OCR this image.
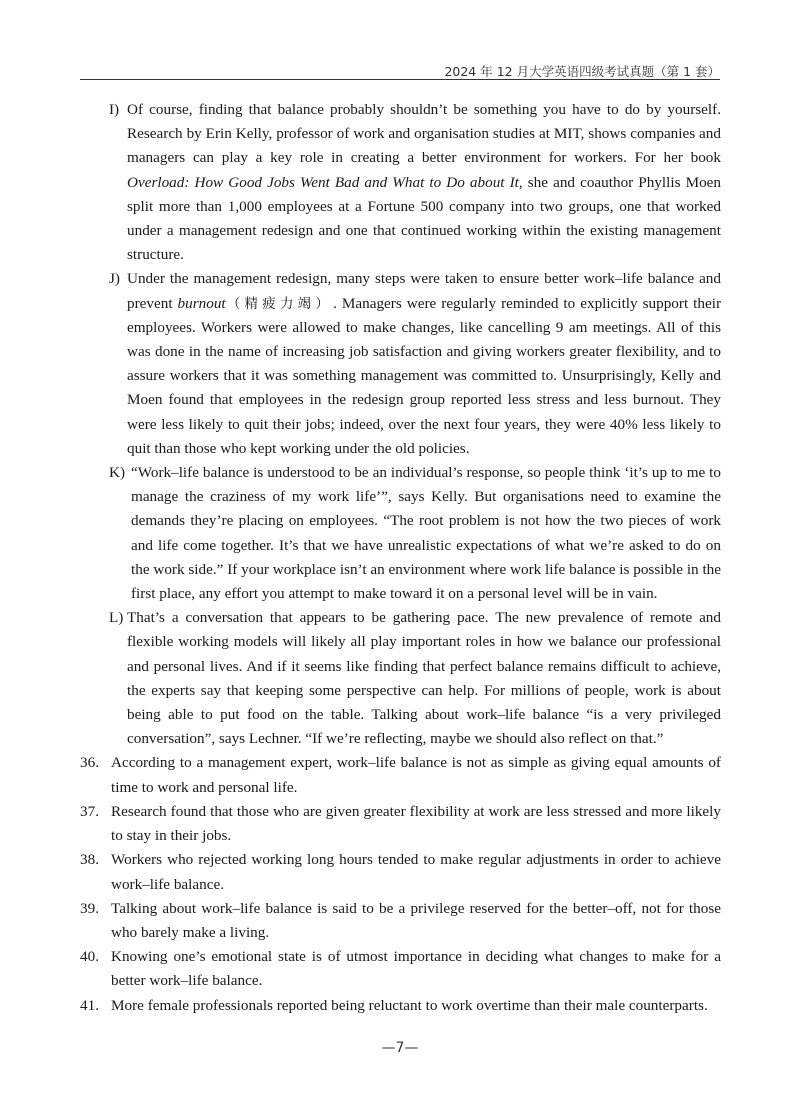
2024 年 12 月大学英语四级考试真题（第 1 套）
I) Of course, finding that balance probably shouldn’t be something you have to do by yourself. Research by Erin Kelly, professor of work and organisation studies at MIT, shows companies and managers can play a key role in creating a better environment for workers. For her book Overload: How Good Jobs Went Bad and What to Do about It, she and coauthor Phyllis Moen split more than 1,000 employees at a Fortune 500 company into two groups, one that worked under a management redesign and one that continued working within the existing management structure.
J) Under the management redesign, many steps were taken to ensure better work–life balance and prevent burnout（精疲力竭）. Managers were regularly reminded to explicitly support their employees. Workers were allowed to make changes, like cancelling 9 am meetings. All of this was done in the name of increasing job satisfaction and giving workers greater flexibility, and to assure workers that it was something management was committed to. Unsurprisingly, Kelly and Moen found that employees in the redesign group reported less stress and less burnout. They were less likely to quit their jobs; indeed, over the next four years, they were 40% less likely to quit than those who kept working under the old policies.
K) “Work–life balance is understood to be an individual’s response, so people think ‘it’s up to me to manage the craziness of my work life’”, says Kelly. But organisations need to examine the demands they’re placing on employees. “The root problem is not how the two pieces of work and life come together. It’s that we have unrealistic expectations of what we’re asked to do on the work side.” If your workplace isn’t an environment where work life balance is possible in the first place, any effort you attempt to make toward it on a personal level will be in vain.
L) That’s a conversation that appears to be gathering pace. The new prevalence of remote and flexible working models will likely all play important roles in how we balance our professional and personal lives. And if it seems like finding that perfect balance remains difficult to achieve, the experts say that keeping some perspective can help. For millions of people, work is about being able to put food on the table. Talking about work–life balance “is a very privileged conversation”, says Lechner. “If we’re reflecting, maybe we should also reflect on that.”
36. According to a management expert, work–life balance is not as simple as giving equal amounts of time to work and personal life.
37. Research found that those who are given greater flexibility at work are less stressed and more likely to stay in their jobs.
38. Workers who rejected working long hours tended to make regular adjustments in order to achieve work–life balance.
39. Talking about work–life balance is said to be a privilege reserved for the better–off, not for those who barely make a living.
40. Knowing one’s emotional state is of utmost importance in deciding what changes to make for a better work–life balance.
41. More female professionals reported being reluctant to work overtime than their male counterparts.
—7—
